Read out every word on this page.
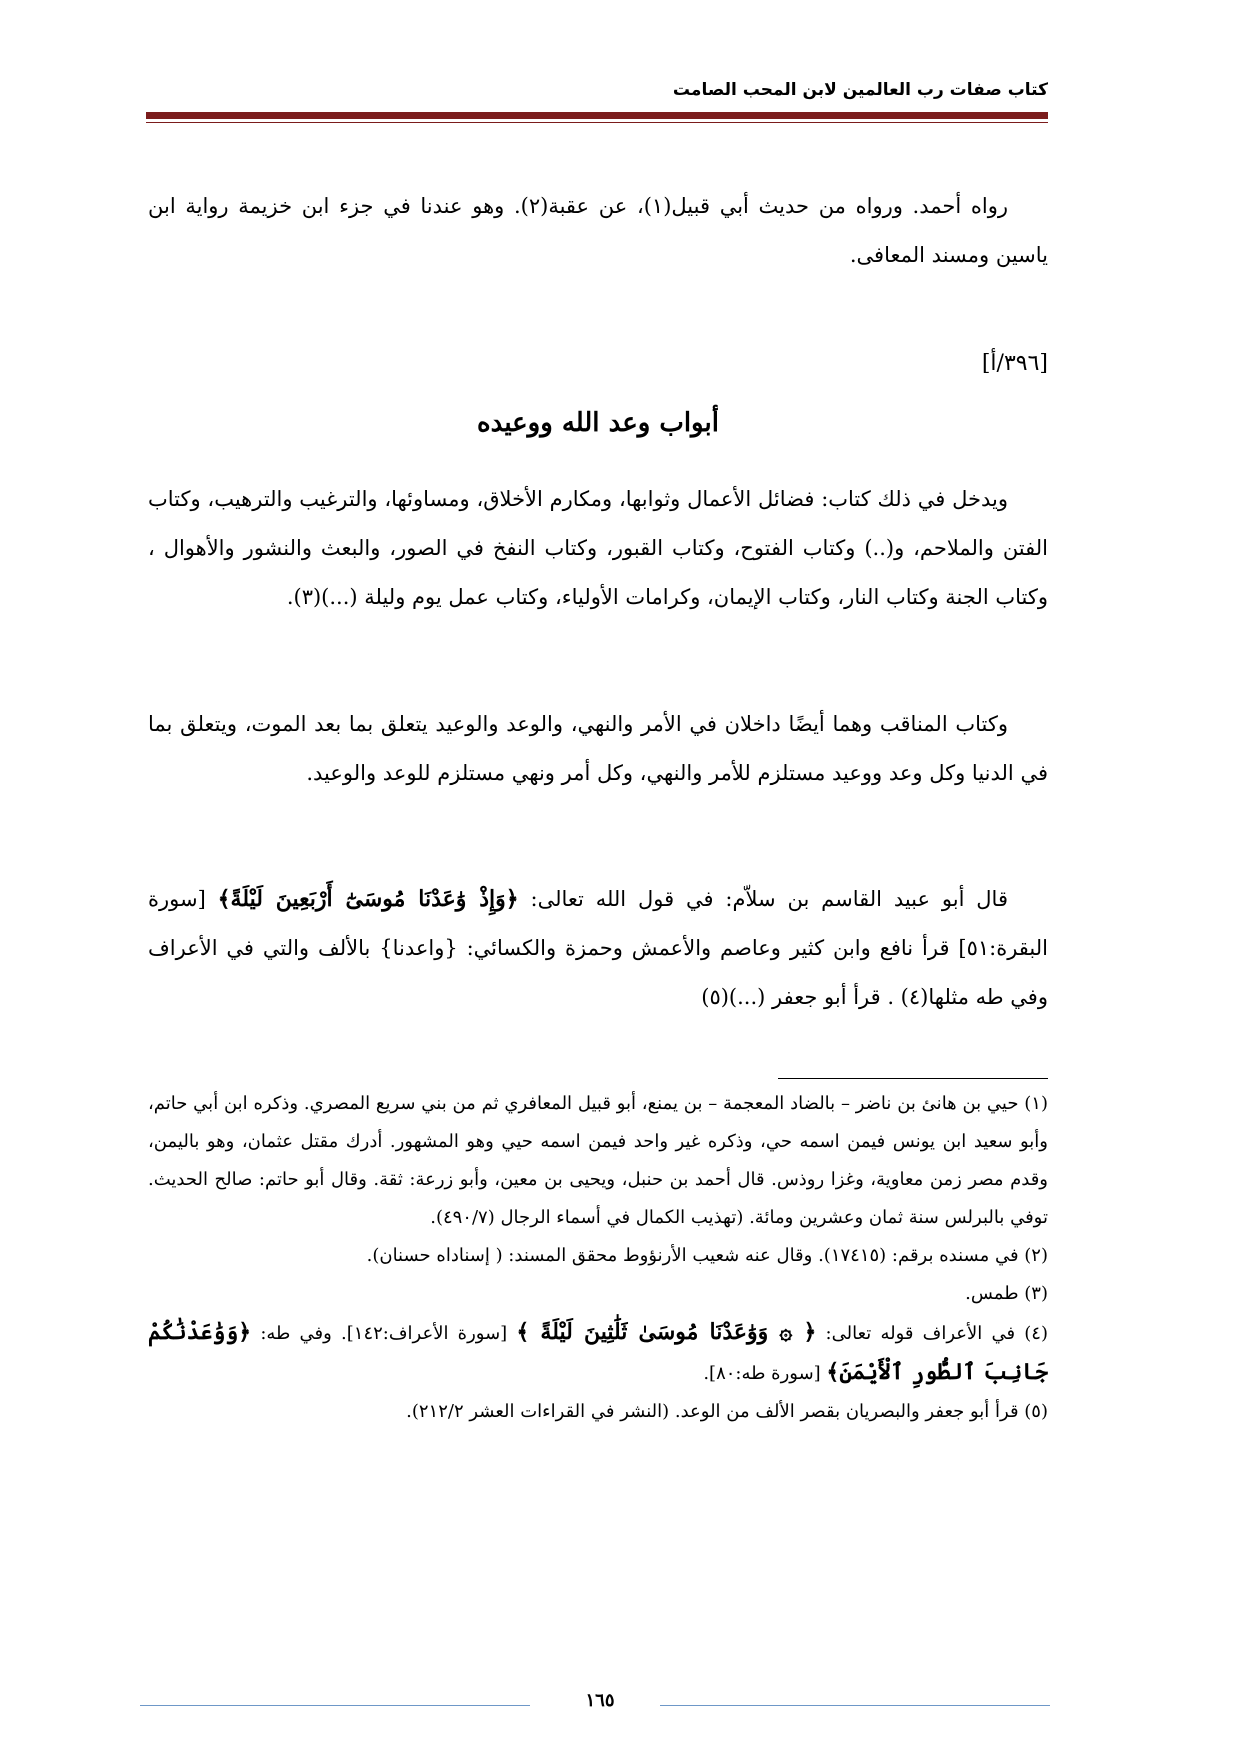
كتاب صفات رب العالمين لابن المحب الصامت
رواه أحمد. ورواه من حديث أبي قبيل(١)، عن عقبة(٢). وهو عندنا في جزء ابن خزيمة رواية ابن ياسين ومسند المعافى.
[٣٩٦/أ]
أبواب وعد الله ووعيده
ويدخل في ذلك كتاب: فضائل الأعمال وثوابها، ومكارم الأخلاق، ومساوئها، والترغيب والترهيب، وكتاب الفتن والملاحم، و(..) وكتاب الفتوح، وكتاب القبور، وكتاب النفخ في الصور، والبعث والنشور والأهوال ، وكتاب الجنة وكتاب النار، وكتاب الإيمان، وكرامات الأولياء، وكتاب عمل يوم وليلة (...)(٣).
وكتاب المناقب وهما أيضًا داخلان في الأمر والنهي، والوعد والوعيد يتعلق بما بعد الموت، ويتعلق بما في الدنيا وكل وعد ووعيد مستلزم للأمر والنهي، وكل أمر ونهي مستلزم للوعد والوعيد.
قال أبو عبيد القاسم بن سلاّم: في قول الله تعالى: ﴿وَإِذْ وَٰعَدْنَا مُوسَىٰٓ أَرْبَعِينَ لَيْلَةً﴾ [سورة البقرة:٥١] قرأ نافع وابن كثير وعاصم والأعمش وحمزة والكسائي: {واعدنا} بالألف والتي في الأعراف وفي طه مثلها(٤) . قرأ أبو جعفر (...)(٥)
(١) حيي بن هانئ بن ناضر – بالضاد المعجمة – بن يمنع، أبو قبيل المعافري ثم من بني سريع المصري. وذكره ابن أبي حاتم، وأبو سعيد ابن يونس فيمن اسمه حي، وذكره غير واحد فيمن اسمه حيي وهو المشهور. أدرك مقتل عثمان، وهو باليمن، وقدم مصر زمن معاوية، وغزا روذس. قال أحمد بن حنبل، ويحيى بن معين، وأبو زرعة: ثقة. وقال أبو حاتم: صالح الحديث. توفي بالبرلس سنة ثمان وعشرين ومائة. (تهذيب الكمال في أسماء الرجال (٤٩٠/٧).
(٢) في مسنده برقم: (١٧٤١٥). وقال عنه شعيب الأرنؤوط محقق المسند: ( إسناداه حسنان).
(٣) طمس.
(٤) في الأعراف قوله تعالى: ﴿ ۞ وَوَٰعَدْنَا مُوسَىٰ ثَلَٰثِينَ لَيْلَةً ﴾ [سورة الأعراف:١٤٢]. وفي طه: ﴿وَوَٰعَدْنَٰكُمْ جَانِبَ ٱلطُّورِ ٱلْأَيْمَنَ﴾ [سورة طه:٨٠].
(٥) قرأ أبو جعفر والبصريان بقصر الألف من الوعد. (النشر في القراءات العشر ٢١٢/٢).
١٦٥
